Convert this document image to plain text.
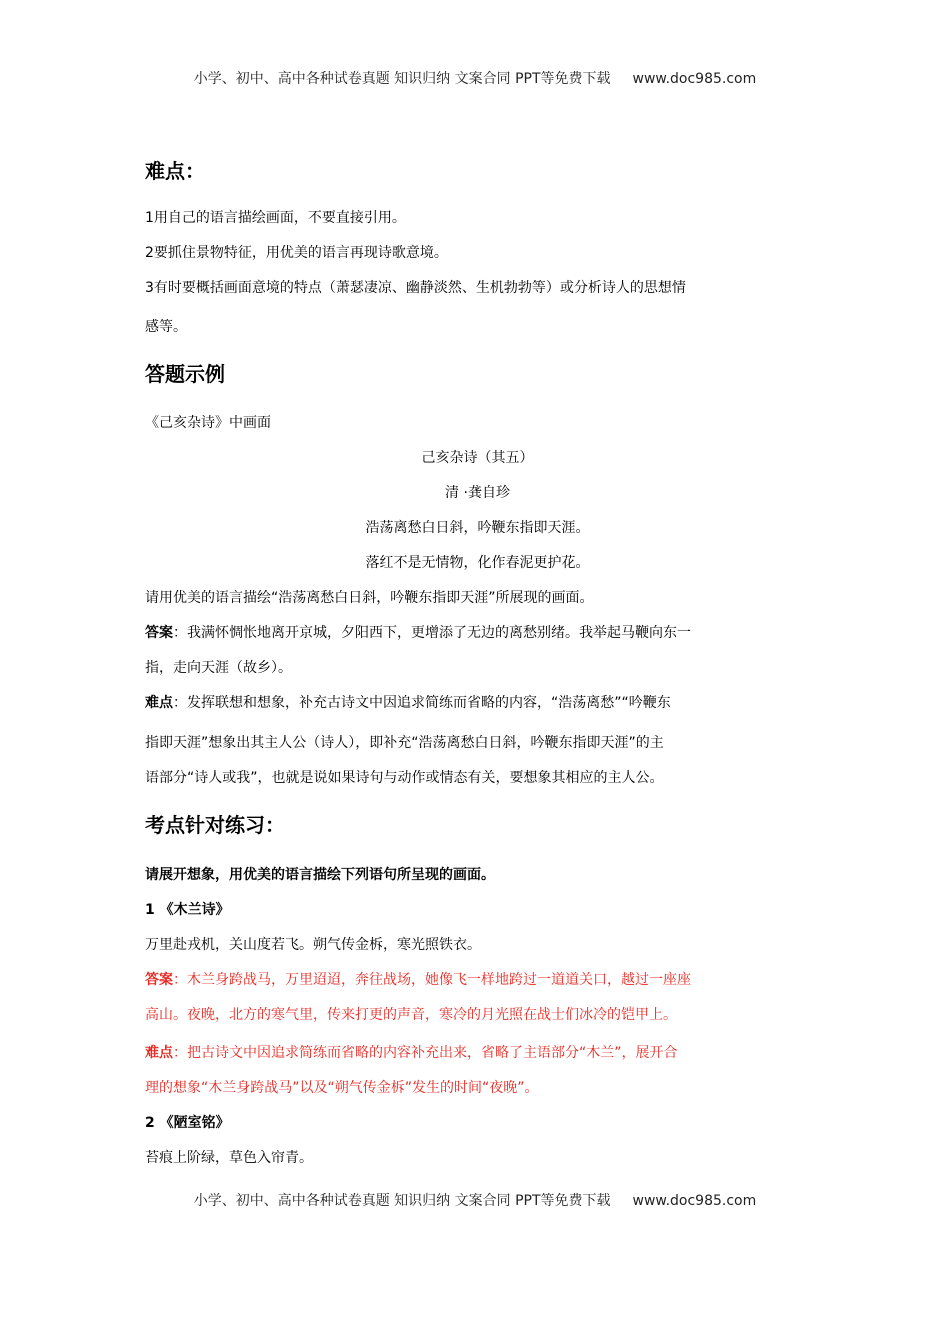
小学、初中、高中各种试卷真题 知识归纳 文案合同 PPT等免费下载 www.doc985.com
难点：
1用自己的语言描绘画面，不要直接引用。
2要抓住景物特征，用优美的语言再现诗歌意境。
3有时要概括画面意境的特点（萧瑟凄凉、幽静淡然、生机勃勃等）或分析诗人的思想情
感等。
答题示例
《己亥杂诗》中画面
己亥杂诗（其五）
清 ·龚自珍
浩荡离愁白日斜，吟鞭东指即天涯。
落红不是无情物，化作春泥更护花。
请用优美的语言描绘“浩荡离愁白日斜，吟鞭东指即天涯”所展现的画面。
答案：我满怀惆怅地离开京城，夕阳西下，更增添了无边的离愁别绪。我举起马鞭向东一
指，走向天涯（故乡）。
难点：发挥联想和想象，补充古诗文中因追求简练而省略的内容，“浩荡离愁”“吟鞭东
指即天涯”想象出其主人公（诗人），即补充“浩荡离愁白日斜，吟鞭东指即天涯”的主
语部分“诗人或我”，也就是说如果诗句与动作或情态有关，要想象其相应的主人公。
考点针对练习：
请展开想象，用优美的语言描绘下列语句所呈现的画面。
1 《木兰诗》
万里赴戎机，关山度若飞。朔气传金柝，寒光照铁衣。
答案：木兰身跨战马，万里迢迢，奔往战场，她像飞一样地跨过一道道关口，越过一座座
高山。夜晚，北方的寒气里，传来打更的声音，寒冷的月光照在战士们冰冷的铠甲上。
难点：把古诗文中因追求简练而省略的内容补充出来，省略了主语部分“木兰”，展开合
理的想象“木兰身跨战马”以及“朔气传金柝”发生的时间“夜晚”。
2 《陋室铭》
苔痕上阶绿，草色入帘青。
小学、初中、高中各种试卷真题 知识归纳 文案合同 PPT等免费下载 www.doc985.com
